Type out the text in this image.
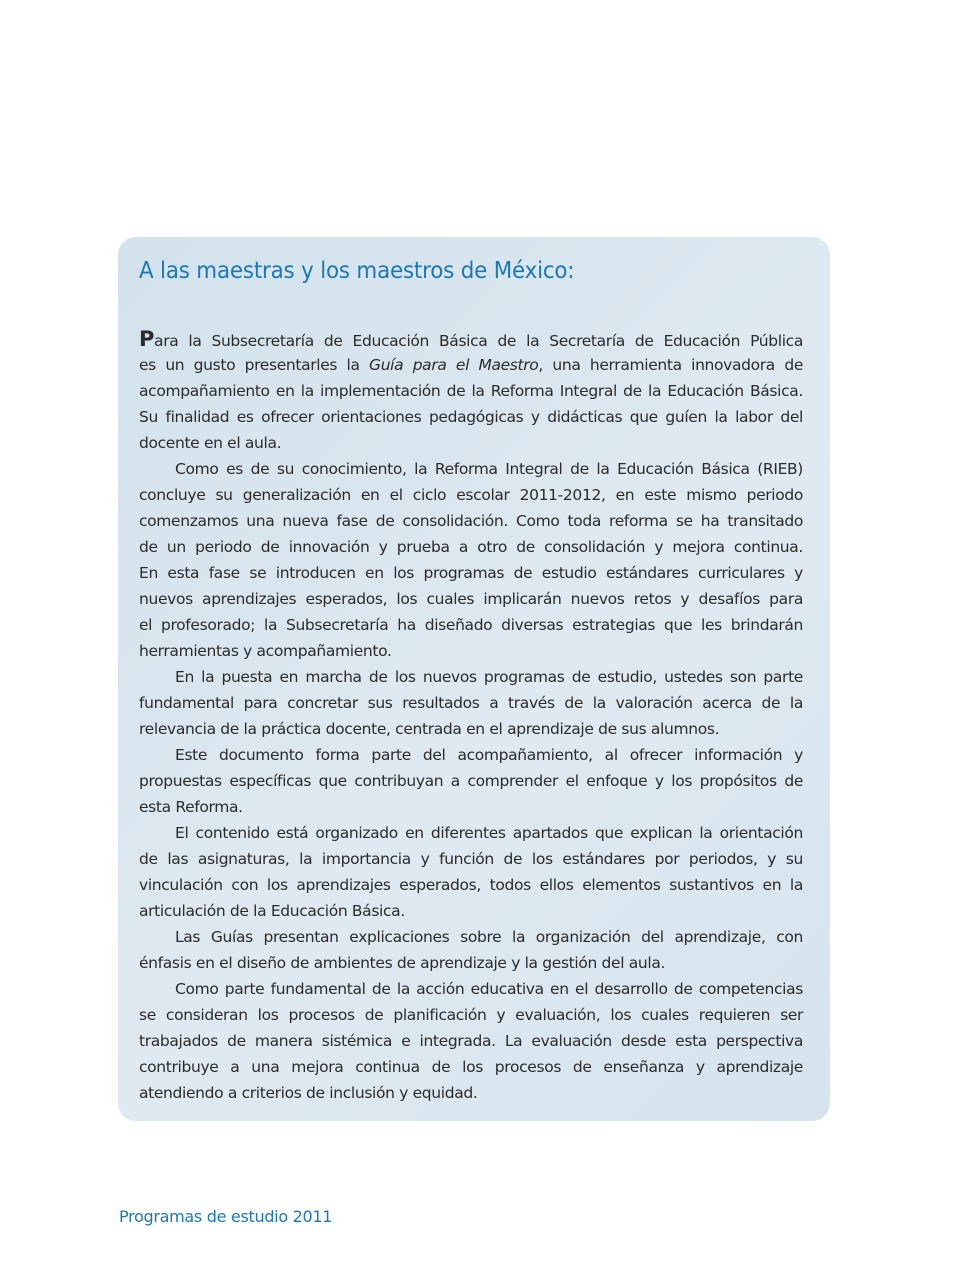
A las maestras y los maestros de México:
Para la Subsecretaría de Educación Básica de la Secretaría de Educación Pública
es un gusto presentarles la Guía para el Maestro, una herramienta innovadora de
acompañamiento en la implementación de la Reforma Integral de la Educación Básica.
Su finalidad es ofrecer orientaciones pedagógicas y didácticas que guíen la labor del
docente en el aula.
Como es de su conocimiento, la Reforma Integral de la Educación Básica (RIEB)
concluye su generalización en el ciclo escolar 2011-2012, en este mismo periodo
comenzamos una nueva fase de consolidación. Como toda reforma se ha transitado
de un periodo de innovación y prueba a otro de consolidación y mejora continua.
En esta fase se introducen en los programas de estudio estándares curriculares y
nuevos aprendizajes esperados, los cuales implicarán nuevos retos y desafíos para
el profesorado; la Subsecretaría ha diseñado diversas estrategias que les brindarán
herramientas y acompañamiento.
En la puesta en marcha de los nuevos programas de estudio, ustedes son parte
fundamental para concretar sus resultados a través de la valoración acerca de la
relevancia de la práctica docente, centrada en el aprendizaje de sus alumnos.
Este documento forma parte del acompañamiento, al ofrecer información y
propuestas específicas que contribuyan a comprender el enfoque y los propósitos de
esta Reforma.
El contenido está organizado en diferentes apartados que explican la orientación
de las asignaturas, la importancia y función de los estándares por periodos, y su
vinculación con los aprendizajes esperados, todos ellos elementos sustantivos en la
articulación de la Educación Básica.
Las Guías presentan explicaciones sobre la organización del aprendizaje, con
énfasis en el diseño de ambientes de aprendizaje y la gestión del aula.
Como parte fundamental de la acción educativa en el desarrollo de competencias
se consideran los procesos de planificación y evaluación, los cuales requieren ser
trabajados de manera sistémica e integrada. La evaluación desde esta perspectiva
contribuye a una mejora continua de los procesos de enseñanza y aprendizaje
atendiendo a criterios de inclusión y equidad.
Programas de estudio 2011
